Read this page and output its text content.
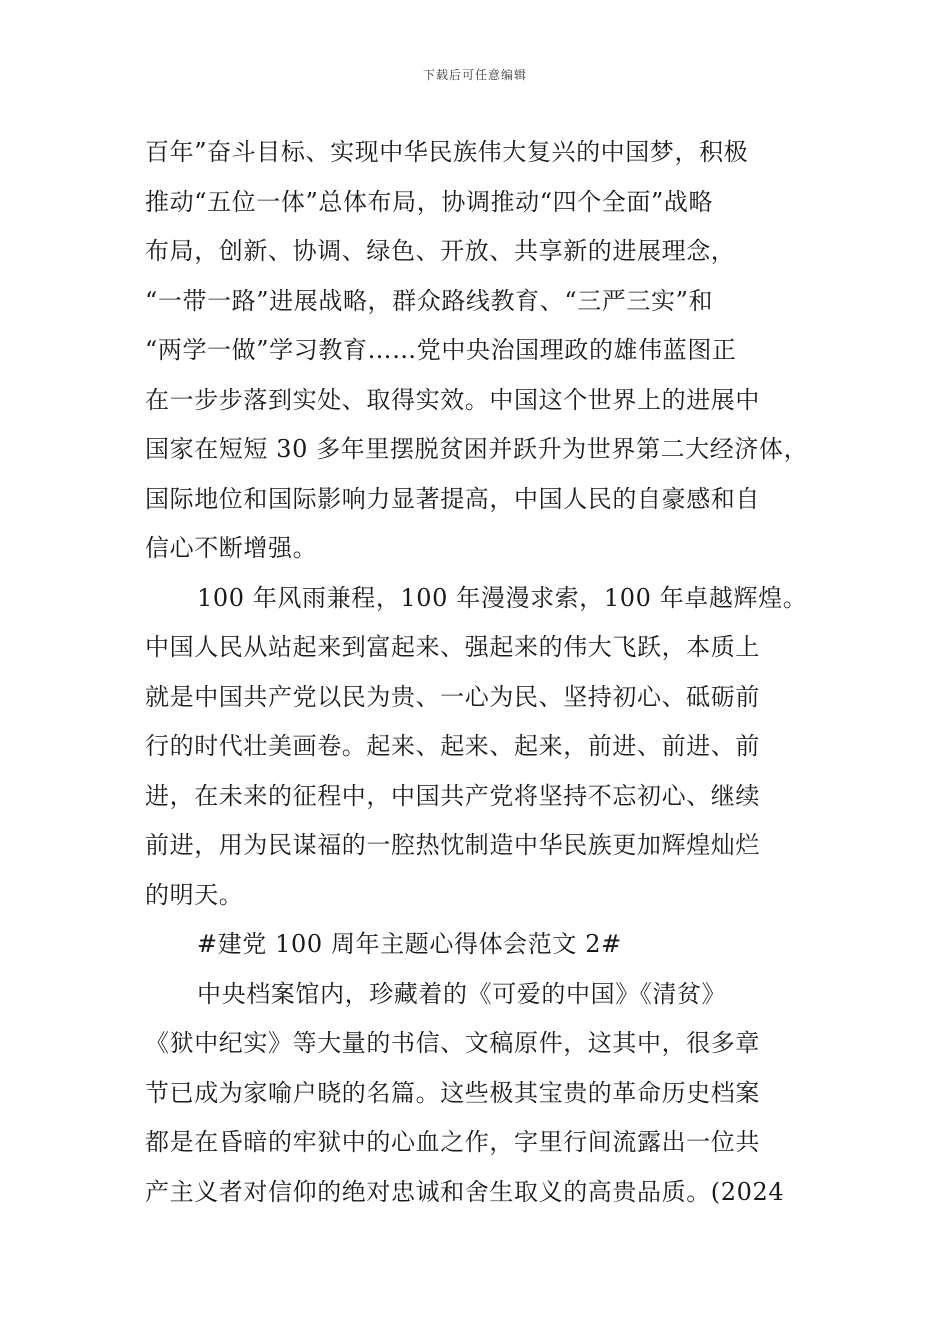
下载后可任意编辑
百年”奋斗目标、实现中华民族伟大复兴的中国梦，积极
推动“五位一体”总体布局，协调推动“四个全面”战略
布局，创新、协调、绿色、开放、共享新的进展理念，
“一带一路”进展战略，群众路线教育、“三严三实”和
“两学一做”学习教育……党中央治国理政的雄伟蓝图正
在一步步落到实处、取得实效。中国这个世界上的进展中
国家在短短 30 多年里摆脱贫困并跃升为世界第二大经济体，
国际地位和国际影响力显著提高，中国人民的自豪感和自
信心不断增强。
100 年风雨兼程，100 年漫漫求索，100 年卓越辉煌。
中国人民从站起来到富起来、强起来的伟大飞跃，本质上
就是中国共产党以民为贵、一心为民、坚持初心、砥砺前
行的时代壮美画卷。起来、起来、起来，前进、前进、前
进，在未来的征程中，中国共产党将坚持不忘初心、继续
前进，用为民谋福的一腔热忱制造中华民族更加辉煌灿烂
的明天。
#建党 100 周年主题心得体会范文 2#
中央档案馆内，珍藏着的《可爱的中国》《清贫》
《狱中纪实》等大量的书信、文稿原件，这其中，很多章
节已成为家喻户晓的名篇。这些极其宝贵的革命历史档案
都是在昏暗的牢狱中的心血之作，字里行间流露出一位共
产主义者对信仰的绝对忠诚和舍生取义的高贵品质。(2024
